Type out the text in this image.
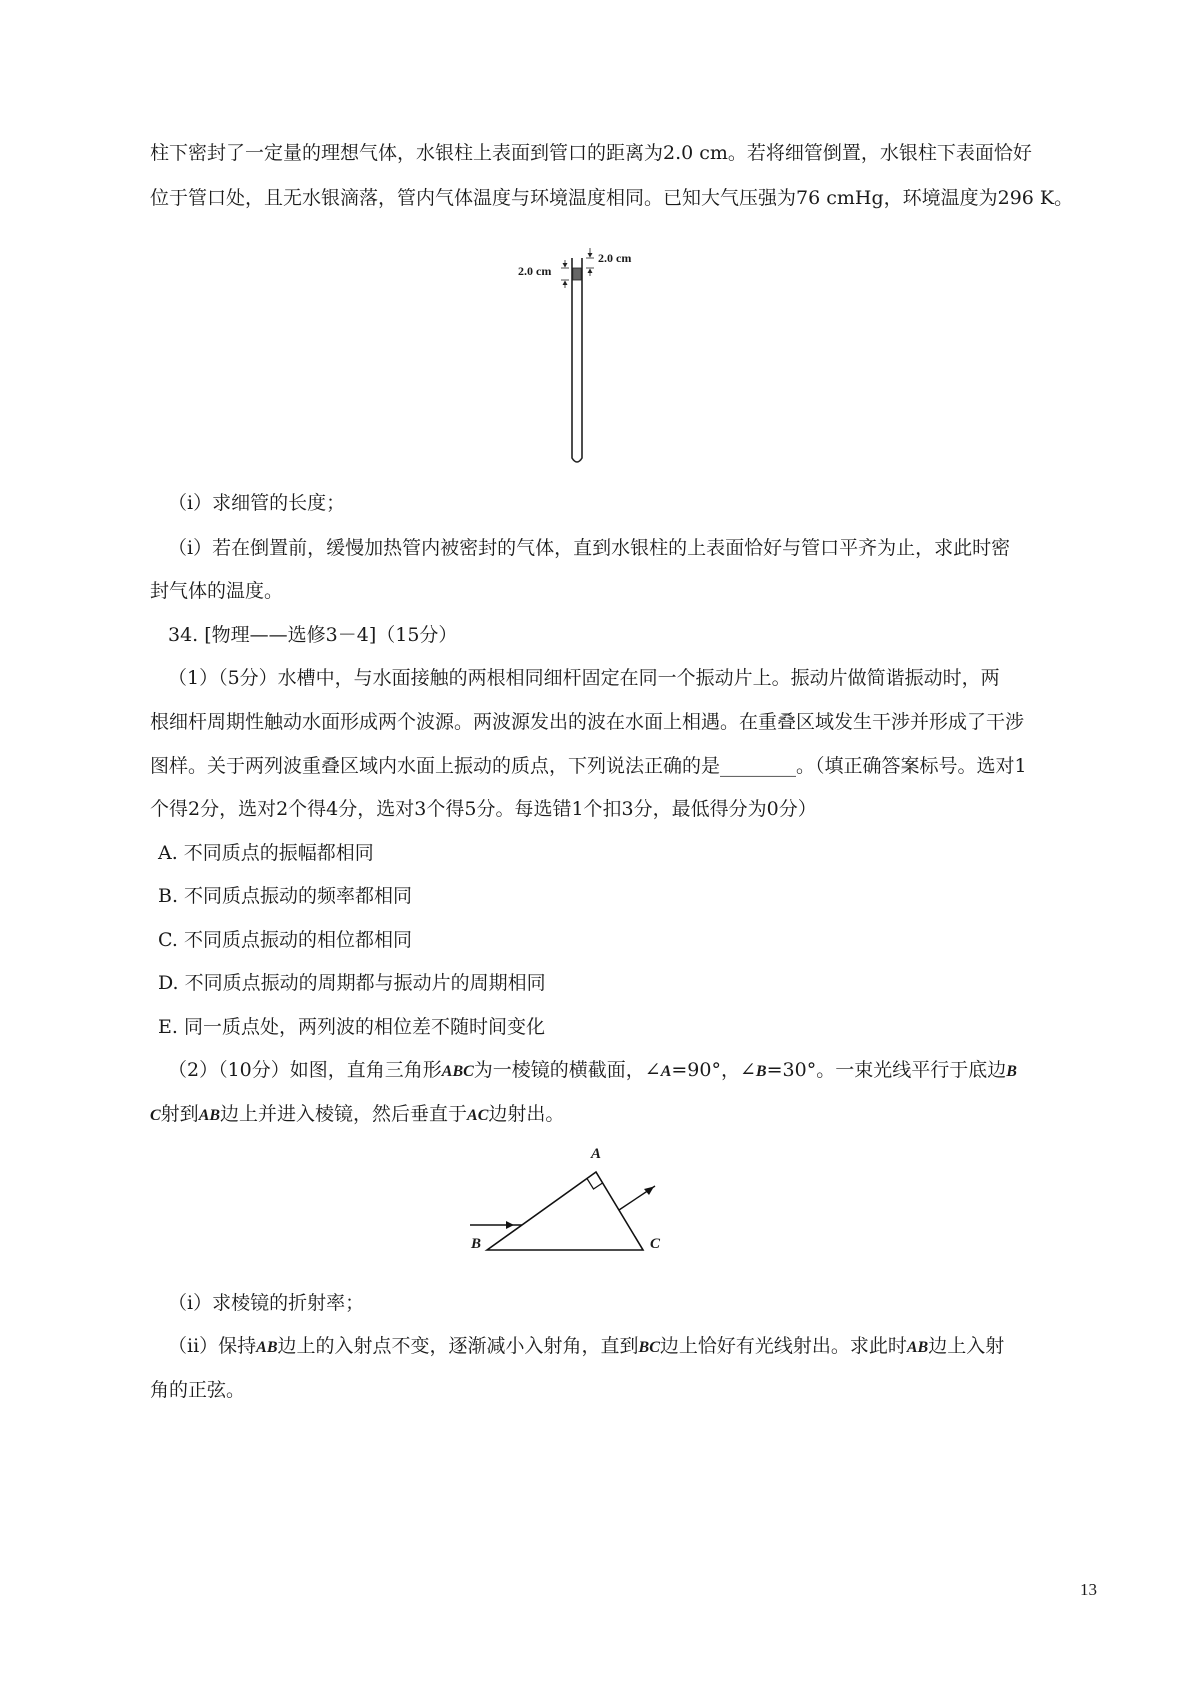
柱下密封了一定量的理想气体，水银柱上表面到管口的距离为2.0 cm。若将细管倒置，水银柱下表面恰好
位于管口处，且无水银滴落，管内气体温度与环境温度相同。已知大气压强为76 cmHg，环境温度为296 K。
2.0 cm
2.0 cm
（i）求细管的长度；
（i）若在倒置前，缓慢加热管内被密封的气体，直到水银柱的上表面恰好与管口平齐为止，求此时密
封气体的温度。
34. [物理——选修3－4]（15分）
（1）（5分）水槽中，与水面接触的两根相同细杆固定在同一个振动片上。振动片做简谐振动时，两
根细杆周期性触动水面形成两个波源。两波源发出的波在水面上相遇。在重叠区域发生干涉并形成了干涉
图样。关于两列波重叠区域内水面上振动的质点，下列说法正确的是________。（填正确答案标号。选对1
个得2分，选对2个得4分，选对3个得5分。每选错1个扣3分，最低得分为0分）
A. 不同质点的振幅都相同
B. 不同质点振动的频率都相同
C. 不同质点振动的相位都相同
D. 不同质点振动的周期都与振动片的周期相同
E. 同一质点处，两列波的相位差不随时间变化
（2）（10分）如图，直角三角形ABC为一棱镜的横截面，∠A=90°，∠B=30°。一束光线平行于底边B
C射到AB边上并进入棱镜，然后垂直于AC边射出。
A
B	C
（i）求棱镜的折射率；
（ii）保持AB边上的入射点不变，逐渐减小入射角，直到BC边上恰好有光线射出。求此时AB边上入射
角的正弦。
13
